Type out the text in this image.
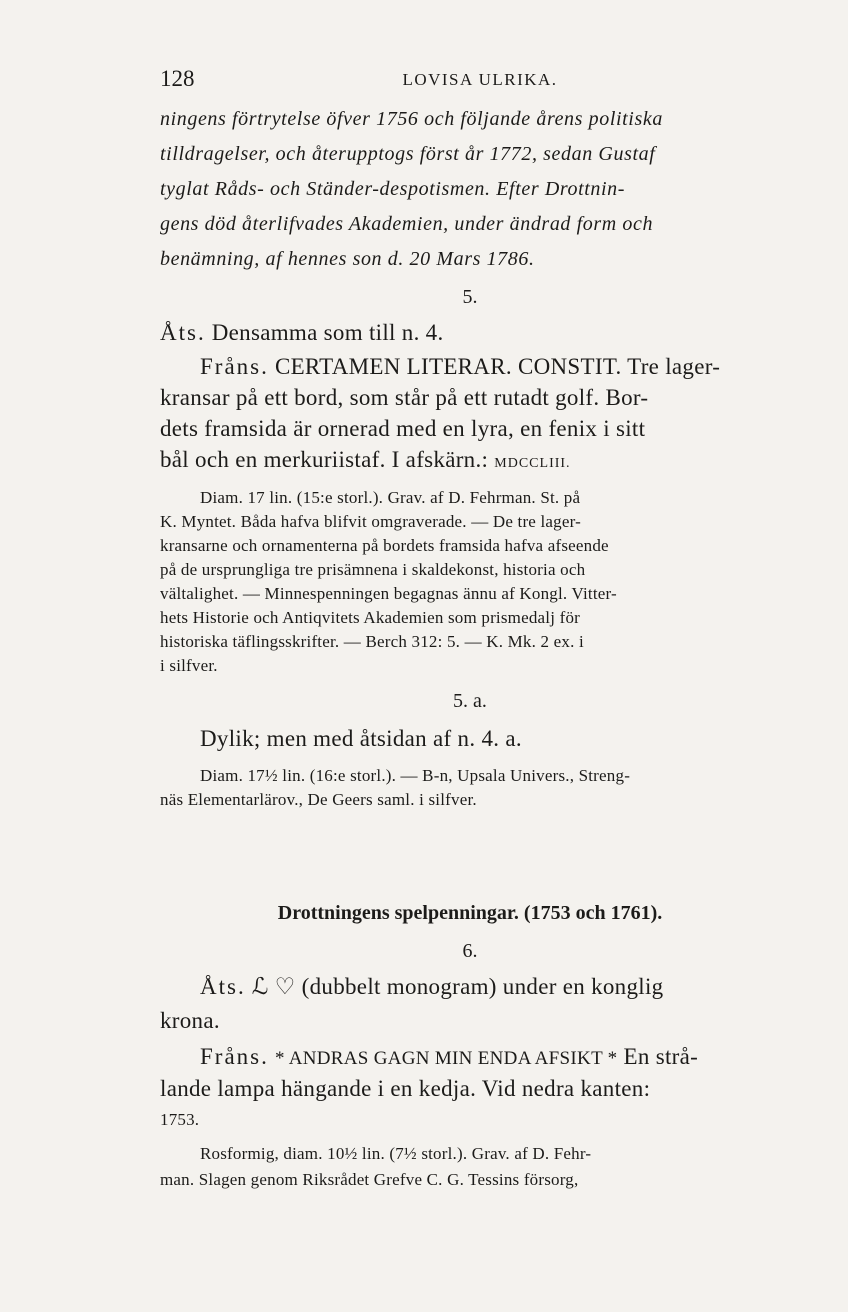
128	LOVISA ULRIKA.
ningens förtrytelse öfver 1756 och följande årens politiska
tilldragelser, och återupptogs först år 1772, sedan Gustaf
tyglat Råds- och Ständer-despotismen. Efter Drottnin-
gens död återlifvades Akademien, under ändrad form och
benämning, af hennes son d. 20 Mars 1786.
5.
Åts. Densamma som till n. 4.
Fråns. CERTAMEN LITERAR. CONSTIT. Tre lager-
kransar på ett bord, som står på ett rutadt golf. Bor-
dets framsida är ornerad med en lyra, en fenix i sitt
bål och en merkuriistaf. I afskärn.: MDCCLIII.
Diam. 17 lin. (15:e storl.). Grav. af D. Fehrman. St. på
K. Myntet. Båda hafva blifvit omgraverade. — De tre lager-
kransarne och ornamenterna på bordets framsida hafva afseende
på de ursprungliga tre prisämnena i skaldekonst, historia och
vältalighet. — Minnespenningen begagnas ännu af Kongl. Vitter-
hets Historie och Antiqvitets Akademien som prismedalj för
historiska täflingsskrifter. — Berch 312: 5. — K. Mk. 2 ex. i
i silfver.
5. a.
Dylik; men med åtsidan af n. 4. a.
Diam. 17½ lin. (16:e storl.). — B-n, Upsala Univers., Streng-
näs Elementarlärov., De Geers saml. i silfver.
Drottningens spelpenningar. (1753 och 1761).
6.
Åts. ℒ ♡ (dubbelt monogram) under en konglig
krona.
Fråns. * ANDRAS GAGN MIN ENDA AFSIKT * En strå-
lande lampa hängande i en kedja. Vid nedra kanten:
1753.
Rosformig, diam. 10½ lin. (7½ storl.). Grav. af D. Fehr-
man. Slagen genom Riksrådet Grefve C. G. Tessins försorg,
